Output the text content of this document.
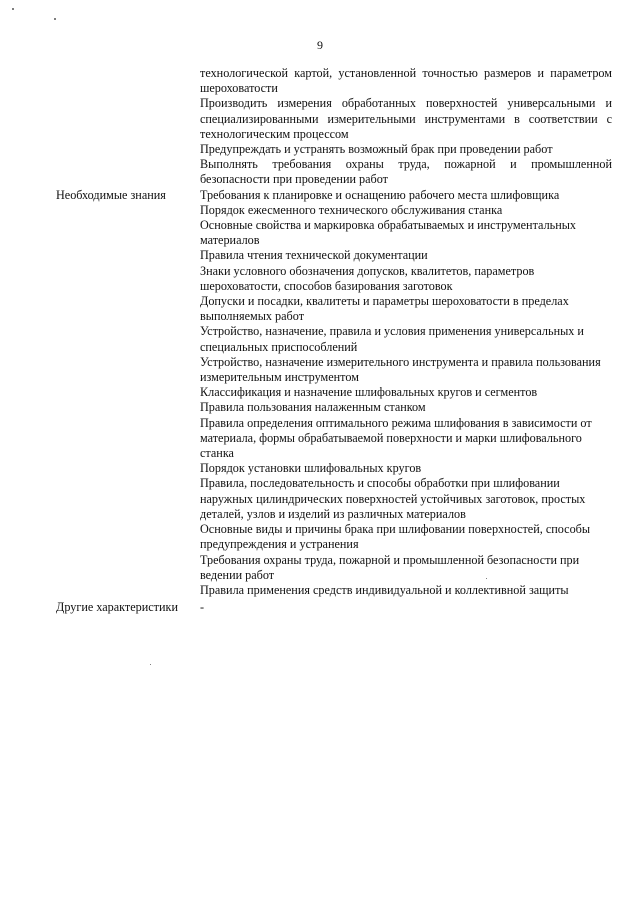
9

технологической картой, установленной точностью размеров и параметром шероховатости

Производить измерения обработанных поверхностей универсальными и специализированными измерительными инструментами в соответствии с технологическим процессом

Предупреждать и устранять возможный брак при проведении работ

Выполнять требования охраны труда, пожарной и промышленной безопасности при проведении работ

Необходимые знания	Требования к планировке и оснащению рабочего места шлифовщика

Порядок ежесменного технического обслуживания станка

Основные свойства и маркировка обрабатываемых и инструментальных материалов

Правила чтения технической документации

Знаки условного обозначения допусков, квалитетов, параметров шероховатости, способов базирования заготовок

Допуски и посадки, квалитеты и параметры шероховатости в пределах выполняемых работ

Устройство, назначение, правила и условия применения универсальных и специальных приспособлений

Устройство, назначение измерительного инструмента и правила пользования измерительным инструментом

Классификация и назначение шлифовальных кругов и сегментов

Правила пользования налаженным станком

Правила определения оптимального режима шлифования в зависимости от материала, формы обрабатываемой поверхности и марки шлифовального станка

Порядок установки шлифовальных кругов

Правила, последовательность и способы обработки при шлифовании наружных цилиндрических поверхностей устойчивых заготовок, простых деталей, узлов и изделий из различных материалов

Основные виды и причины брака при шлифовании поверхностей, способы предупреждения и устранения

Требования охраны труда, пожарной и промышленной безопасности при ведении работ

Правила применения средств индивидуальной и коллективной защиты

Другие характеристики	-
